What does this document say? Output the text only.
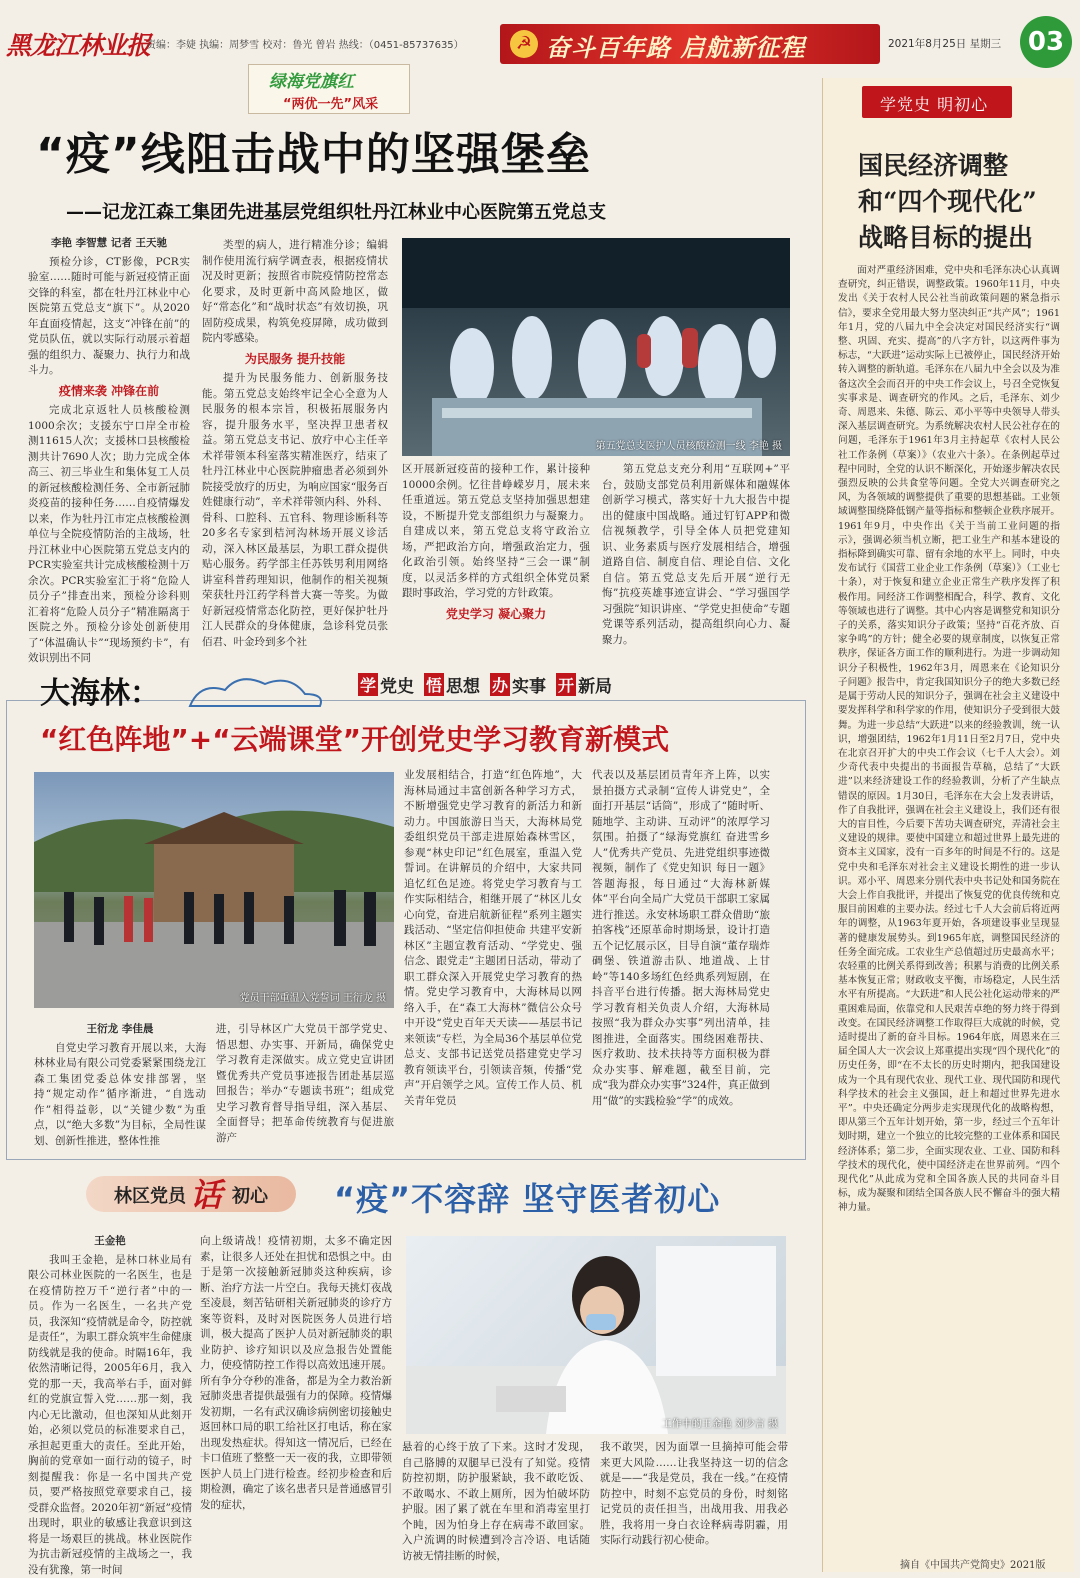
黑龙江林业报
责编：李婕 执编：周梦雪 校对：鲁光 曾岩 热线：（0451-85737635）	☭ 奋斗百年路 启航新征程	2021年8月25日 星期三	03
绿海党旗红
“两优一先”风采
“疫”线阻击战中的坚强堡垒
——记龙江森工集团先进基层党组织牡丹江林业中心医院第五党总支

李艳 李智慧 记者 王天驰

预检分诊，CT影像，PCR实验室……随时可能与新冠疫情正面交锋的科室，都在牡丹江林业中心医院第五党总支“旗下”。从2020年直面疫情起，这支“冲锋在前”的党员队伍，就以实际行动展示着超强的组织力、凝聚力、执行力和战斗力。

疫情来袭 冲锋在前

完成北京返牡人员核酸检测1000余次；支援东宁口岸全市检测11615人次；支援林口县核酸检测共计7690人次；助力完成全体高三、初三毕业生和集体复工人员的新冠核酸检测任务、全市新冠肺炎疫苗的接种任务……自疫情爆发以来，作为牡丹江市定点核酸检测单位与全院疫情防治的主战场，牡丹江林业中心医院第五党总支内的PCR实验室共计完成核酸检测十万余次。PCR实验室汇于将“危险人员分子”排查出来，预检分诊科则汇着将“危险人员分子”精准隔离于医院之外。预检分诊处创新使用了“体温确认卡”“现场预约卡”，有效识别出不同

类型的病人，进行精准分诊；编辑制作使用流行病学调查表，根据疫情状况及时更新；按照省市院疫情防控常态化要求，及时更新中高风险地区，做好“常态化”和“战时状态”有效切换，巩固防疫成果，构筑免疫屏障，成功做到院内零感染。

为民服务 提升技能

提升为民服务能力、创新服务技能。第五党总支始终牢记全心全意为人民服务的根本宗旨，积极拓展服务内容，提升服务水平，坚决捍卫患者权益。第五党总支书记、放疗中心主任辛术祥带领本科室落实精准医疗，结束了牡丹江林业中心医院肿瘤患者必须到外院接受放疗的历史，为响应国家“服务百姓健康行动”，辛术祥带领内科、外科、骨科、口腔科、五官科、物理诊断科等20多名专家到桔河沟林场开展义诊活动，深入林区最基层，为职工群众提供贴心服务。药学部主任苏铁男利用网络讲室科普药理知识，他制作的相关视频荣获牡丹江药学科普大赛一等奖。为做好新冠疫情常态化防控，更好保护牡丹江人民群众的身体健康，急诊科党员张佰君、叶金玲到多个社

第五党总支医护人员核酸检测一线 李艳 摄

区开展新冠疫苗的接种工作，累计接种10000余例。忆往昔峥嵘岁月，展未来任重道远。第五党总支坚持加强思想建设，不断提升党支部组织力与凝聚力。自建成以来，第五党总支将守政治立场，严把政治方向，增强政治定力，强化政治引领。始终坚持“三会一课”制度，以灵活多样的方式组织全体党员紧跟时事政治，学习党的方针政策。

党史学习 凝心聚力

第五党总支充分利用“互联网+”平台，鼓励支部党员利用新媒体和融媒体创新学习模式，落实好十九大报告中提出的健康中国战略。通过钉钉APP和微信视频教学，引导全体人员把党建知识、业务素质与医疗发展相结合，增强道路自信、制度自信、理论自信、文化自信。第五党总支先后开展“逆行无悔”抗疫英雄事迹宣讲会、“学习强国学习强院”知识讲座、“学党史担使命”专题党课等系列活动，提高组织向心力、凝聚力。

大海林：	学 党史 悟 思想 办 实事 开 新局
“红色阵地”+“云端课堂”开创党史学习教育新模式
党员干部重温入党誓词 王衍龙 摄

王衍龙 李佳晨

自党史学习教育开展以来，大海林林业局有限公司党委紧紧围绕龙江森工集团党委总体安排部署，坚持“规定动作”循序渐进，“自选动作”相得益彰，以“关键少数”为重点，以“绝大多数”为目标，全局性谋划、创新性推进，整体性推

进，引导林区广大党员干部学党史、悟思想、办实事、开新局，确保党史学习教育走深做实。成立党史宣讲团暨优秀共产党员事迹报告团赴基层巡回报告；举办“专题读书班”；组成党史学习教育督导指导组，深入基层、全面督导；把革命传统教育与促进旅游产

业发展相结合，打造“红色阵地”，大海林局通过丰富创新各种学习方式，不断增强党史学习教育的新活力和新动力。中国旅游日当天，大海林局党委组织党员干部走进原始森林雪区，参观“林史印记”红色展室，重温入党誓词。在讲解员的介绍中，大家共同追忆红色足迹。将党史学习教育与工作实际相结合，相继开展了“林区儿女心向党，奋进启航新征程”系列主题实践活动、“坚定信仰担使命 共建平安新林区”主题宣教育活动、“学党史、强信念、跟党走”主题团日活动，带动了职工群众深入开展党史学习教育的热情。党史学习教育中，大海林局以网络入手，在“森工大海林”微信公众号中开设“党史百年天天读——基层书记来领读”专栏，为全局36个基层单位党总支、支部书记送党员搭建党史学习教育领读平台，引领读音频，传播“党声”开启领学之风。宣传工作人员、机关青年党员

代表以及基层团员青年齐上阵，以实景拍摄方式录制“宣传人讲党史”，全面打开基层“话筒”，形成了“随时听、随地学、主动讲、互动评”的浓厚学习氛围。拍摄了“绿海党旗红 奋进雪乡人”优秀共产党员、先进党组织事迹微视频，制作了《党史知识 每日一题》答题海报，每日通过“大海林新媒体”平台向全局广大党员干部职工家属进行推送。永安林场职工群众借助“旅拍客栈”还原革命时期场景，设计打造五个记忆展示区，目导自演“董存瑞炸碉堡、铁道游击队、地道战、上甘岭”等140多场红色经典系列短剧，在抖音平台进行传播。据大海林局党史学习教育相关负责人介绍，大海林局按照“我为群众办实事”列出清单，挂图推进，全面落实。围绕困难帮扶、医疗救助、技术扶持等方面积极为群众办实事、解难题，截至目前，完成“我为群众办实事”324件，真正做到用“做”的实践检验“学”的成效。

林区党员 话 初心 “疫”不容辞 坚守医者初心

王金艳

我叫王金艳，是林口林业局有限公司林业医院的一名医生，也是在疫情防控万千“逆行者”中的一员。作为一名医生，一名共产党员，我深知“疫情就是命令，防控就是责任”，为职工群众筑牢生命健康防线就是我的使命。时隔16年，我依然清晰记得，2005年6月，我入党的那一天，我高举右手，面对鲜红的党旗宣誓入党……那一刻，我内心无比激动，但也深知从此刻开始，必须以党员的标准要求自己，承担起更重大的责任。至此开始，胸前的党章如一面行动的镜子，时刻提醒我：你是一名中国共产党员，要严格按照党章要求自己，接受群众监督。2020年初“新冠”疫情出现时，职业的敏感让我意识到这将是一场艰巨的挑战。林业医院作为抗击新冠疫情的主战场之一，我没有犹豫，第一时间

向上级请战！疫情初期，太多不确定因素，让很多人还处在担忧和恐惧之中。由于是第一次接触新冠肺炎这种疾病，诊断、治疗方法一片空白。我每天挑灯夜战至凌晨，刻苦钻研相关新冠肺炎的诊疗方案等资料，及时对医院医务人员进行培训，极大提高了医护人员对新冠肺炎的职业防护、诊疗知识以及应急报告处置能力，使疫情防控工作得以高效迅速开展。所有争分夺秒的准备，都是为全力救治新冠肺炎患者提供最强有力的保障。疫情爆发初期，一名有武汉确诊病例密切接触史返回林口局的职工给社区打电话，称在家出现发热症状。得知这一情况后，已经在卡口值班了整整一天一夜的我，立即带领医护人员上门进行检查。经初步检查和后期检测，确定了该名患者只是普通感冒引发的症状，

工作中的王金艳 刘少言 摄

悬着的心终于放了下来。这时才发现，自己胳膊的双腿早已没有了知觉。疫情防控初期，防护服紧缺，我不敢吃饭、不敢喝水、不敢上厕所，因为怕破坏防护服。困了累了就在车里和消毒室里打个盹，因为怕身上存在病毒不敢回家。入户流调的时候遭到冷言冷语、电话随访被无情挂断的时候，

我不敢哭，因为面罩一旦摘掉可能会带来更大风险……让我坚持这一切的信念就是——“我是党员，我在一线。”在疫情防控中，时刻不忘党员的身份，时刻铭记党员的责任担当，出战用我、用我必胜，我将用一身白衣诠释病毒阴霾，用实际行动践行初心使命。

学党史 明初心
国民经济调整
和“四个现代化”
战略目标的提出

面对严重经济困难，党中央和毛泽东决心认真调查研究，纠正错误，调整政策。1960年11月，中央发出《关于农村人民公社当前政策问题的紧急指示信》，要求全党用最大努力坚决纠正“共产风”；1961年1月，党的八届九中全会决定对国民经济实行“调整、巩固、充实、提高”的八字方针，以这两件事为标志，“大跃进”运动实际上已被停止，国民经济开始转入调整的新轨道。毛泽东在八届九中全会以及为准备这次全会而召开的中央工作会议上，号召全党恢复实事求是、调查研究的作风。之后，毛泽东、刘少奇、周恩来、朱德、陈云、邓小平等中央领导人带头深入基层调查研究。为系统解决农村人民公社存在的问题，毛泽东于1961年3月主持起草《农村人民公社工作条例（草案）》（农业六十条）。在条例起草过程中同时，全党的认识不断深化，开始逐步解决农民强烈反映的公共食堂等问题。全党大兴调查研究之风，为各领域的调整提供了重要的思想基础。工业领域调整围绕降低钢产量等指标和整顿企业秩序展开。1961年9月，中央作出《关于当前工业问题的指示》，强调必须当机立断，把工业生产和基本建设的指标降到确实可靠、留有余地的水平上。同时，中央发布试行《国营工业企业工作条例（草案）》（工业七十条），对于恢复和建立企业正常生产秩序发挥了积极作用。同经济工作调整相配合，科学、教育、文化等领域也进行了调整。其中心内容是调整党和知识分子的关系，落实知识分子政策；坚持“百花齐放、百家争鸣”的方针；健全必要的规章制度，以恢复正常秩序，保证各方面工作的顺利进行。为进一步调动知识分子积极性，1962年3月，周恩来在《论知识分子问题》报告中，肯定我国知识分子的绝大多数已经是属于劳动人民的知识分子，强调在社会主义建设中要发挥科学和科学家的作用，使知识分子受到很大鼓舞。为进一步总结“大跃进”以来的经验教训，统一认识，增强团结，1962年1月11日至2月7日，党中央在北京召开扩大的中央工作会议（七千人大会）。刘少奇代表中央提出的书面报告草稿，总结了“大跃进”以来经济建设工作的经验教训，分析了产生缺点错误的原因。1月30日，毛泽东在大会上发表讲话，作了自我批评，强调在社会主义建设上，我们还有很大的盲目性，今后要下苦功夫调查研究，弄清社会主义建设的规律。要使中国建立和超过世界上最先进的资本主义国家，没有一百多年的时间是不行的。这是党中央和毛泽东对社会主义建设长期性的进一步认识。邓小平、周恩来分别代表中央书记处和国务院在大会上作自我批评，并提出了恢复党的优良传统和克服目前困难的主要办法。经过七千人大会前后将近两年的调整，从1963年夏开始，各项建设事业呈现显著的健康发展势头。到1965年底，调整国民经济的任务全面完成。工农业生产总值超过历史最高水平；农轻重的比例关系得到改善；积累与消费的比例关系基本恢复正常；财政收支平衡，市场稳定，人民生活水平有所提高。“大跃进”和人民公社化运动带来的严重困难局面，依靠党和人民艰苦卓绝的努力终于得到改变。在国民经济调整工作取得巨大成就的时候，党适时提出了新的奋斗目标。1964年底，周恩来在三届全国人大一次会议上郑重提出实现“四个现代化”的历史任务，即“在不太长的历史时期内，把我国建设成为一个具有现代农业、现代工业、现代国防和现代科学技术的社会主义强国，赶上和超过世界先进水平”。中央还确定分两步走实现现代化的战略构想，即从第三个五年计划开始，第一步，经过三个五年计划时期，建立一个独立的比较完整的工业体系和国民经济体系；第二步，全面实现农业、工业、国防和科学技术的现代化，使中国经济走在世界前列。“四个现代化”从此成为党和全国各族人民的共同奋斗目标，成为凝聚和团结全国各族人民不懈奋斗的强大精神力量。

摘自《中国共产党简史》2021版
